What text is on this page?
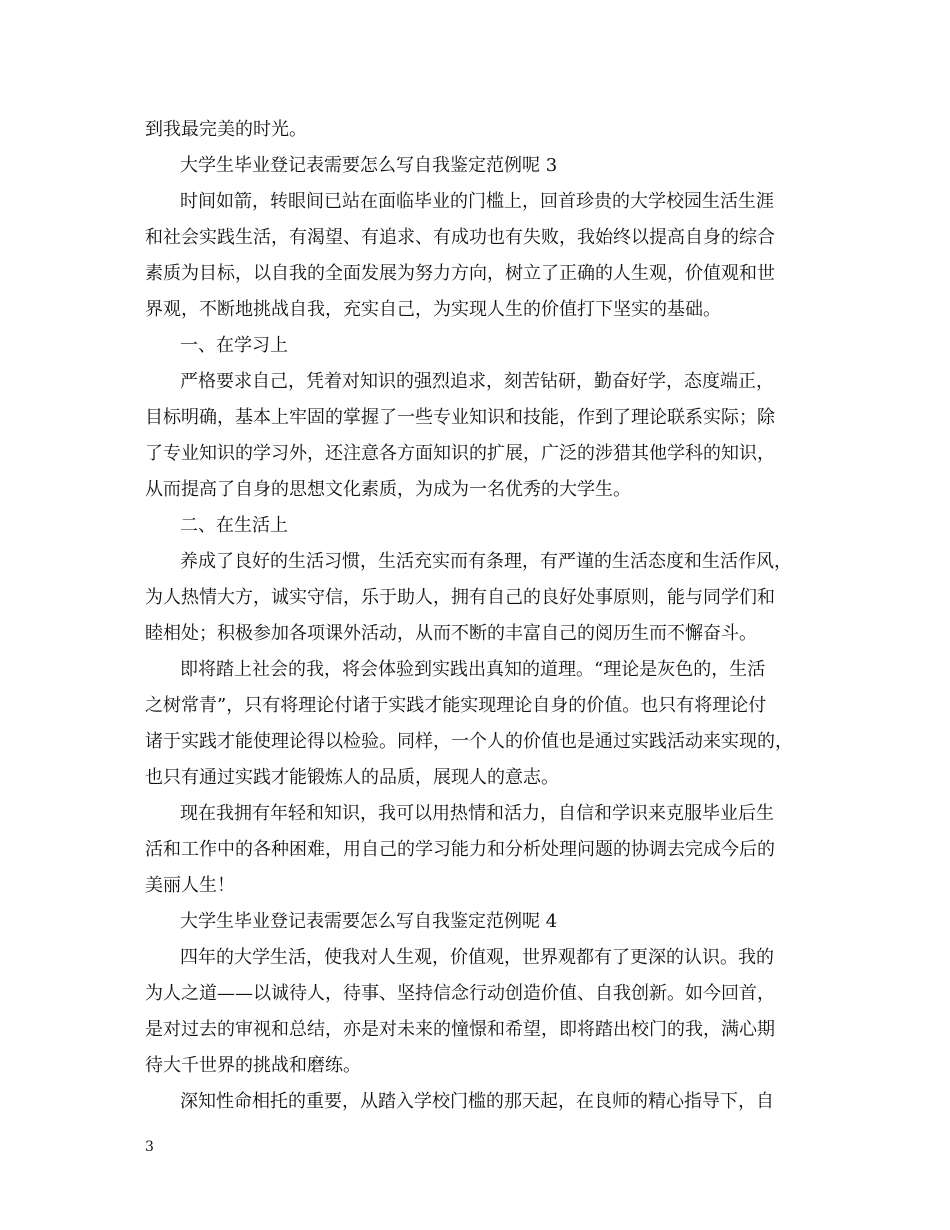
到我最完美的时光。
大学生毕业登记表需要怎么写自我鉴定范例呢 3
时间如箭，转眼间已站在面临毕业的门槛上，回首珍贵的大学校园生活生涯
和社会实践生活，有渴望、有追求、有成功也有失败，我始终以提高自身的综合
素质为目标，以自我的全面发展为努力方向，树立了正确的人生观，价值观和世
界观，不断地挑战自我，充实自己，为实现人生的价值打下坚实的基础。
一、在学习上
严格要求自己，凭着对知识的强烈追求，刻苦钻研，勤奋好学，态度端正，
目标明确，基本上牢固的掌握了一些专业知识和技能，作到了理论联系实际；除
了专业知识的学习外，还注意各方面知识的扩展，广泛的涉猎其他学科的知识，
从而提高了自身的思想文化素质，为成为一名优秀的大学生。
二、在生活上
养成了良好的生活习惯，生活充实而有条理，有严谨的生活态度和生活作风，
为人热情大方，诚实守信，乐于助人，拥有自己的良好处事原则，能与同学们和
睦相处；积极参加各项课外活动，从而不断的丰富自己的阅历生而不懈奋斗。
即将踏上社会的我，将会体验到实践出真知的道理。“理论是灰色的，生活
之树常青”，只有将理论付诸于实践才能实现理论自身的价值。也只有将理论付
诸于实践才能使理论得以检验。同样，一个人的价值也是通过实践活动来实现的，
也只有通过实践才能锻炼人的品质，展现人的意志。
现在我拥有年轻和知识，我可以用热情和活力，自信和学识来克服毕业后生
活和工作中的各种困难，用自己的学习能力和分析处理问题的协调去完成今后的
美丽人生！
大学生毕业登记表需要怎么写自我鉴定范例呢 4
四年的大学生活，使我对人生观，价值观，世界观都有了更深的认识。我的
为人之道——以诚待人，待事、坚持信念行动创造价值、自我创新。如今回首，
是对过去的审视和总结，亦是对未来的憧憬和希望，即将踏出校门的我，满心期
待大千世界的挑战和磨练。
深知性命相托的重要，从踏入学校门槛的那天起，在良师的精心指导下，自
3
